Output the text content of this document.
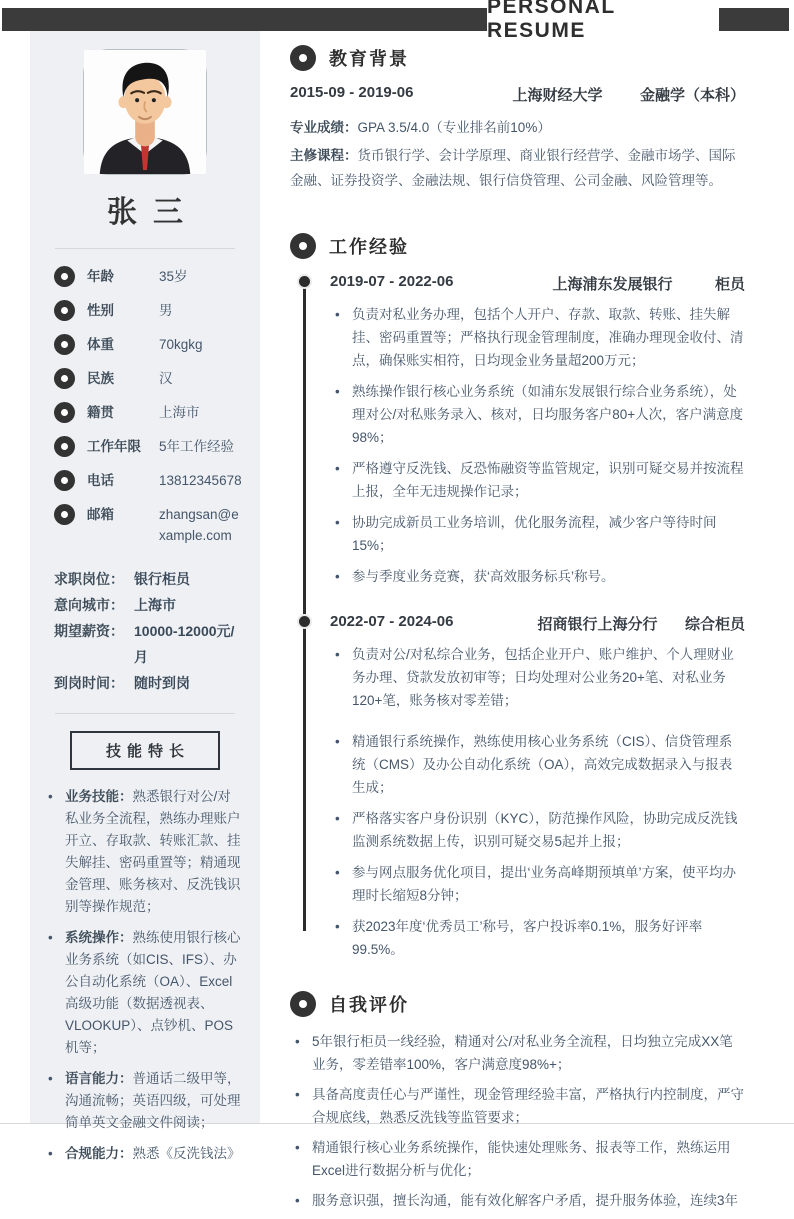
PERSONAL RESUME
张三
年龄	35岁
性别	男
体重	70kgkg
民族	汉
籍贯	上海市
工作年限	5年工作经验
电话	13812345678
邮箱	zhangsan@example.com
求职岗位： 银行柜员
意向城市： 上海市
期望薪资： 10000-12000元/月
到岗时间： 随时到岗
技能特长
• 业务技能：熟悉银行对公/对私业务全流程，熟练办理账户开立、存取款、转账汇款、挂失解挂、密码重置等；精通现金管理、账务核对、反洗钱识别等操作规范；
• 系统操作：熟练使用银行核心业务系统（如CIS、IFS）、办公自动化系统（OA）、Excel高级功能（数据透视表、VLOOKUP）、点钞机、POS机等；
• 语言能力：普通话二级甲等，沟通流畅；英语四级，可处理简单英文金融文件阅读；
• 合规能力：熟悉《反洗钱法》
教育背景
2015-09 - 2019-06	上海财经大学	金融学（本科）
专业成绩：GPA 3.5/4.0（专业排名前10%）
主修课程：货币银行学、会计学原理、商业银行经营学、金融市场学、国际金融、证券投资学、金融法规、银行信贷管理、公司金融、风险管理等。
工作经验
2019-07 - 2022-06	上海浦东发展银行	柜员
• 负责对私业务办理，包括个人开户、存款、取款、转账、挂失解挂、密码重置等；严格执行现金管理制度，准确办理现金收付、清点，确保账实相符，日均现金业务量超200万元；
• 熟练操作银行核心业务系统（如浦东发展银行综合业务系统），处理对公/对私账务录入、核对，日均服务客户80+人次，客户满意度98%；
• 严格遵守反洗钱、反恐怖融资等监管规定，识别可疑交易并按流程上报，全年无违规操作记录；
• 协助完成新员工业务培训，优化服务流程，减少客户等待时间15%；
• 参与季度业务竞赛，获‘高效服务标兵’称号。
2022-07 - 2024-06	招商银行上海分行	综合柜员
• 负责对公/对私综合业务，包括企业开户、账户维护、个人理财业务办理、贷款发放初审等；日均处理对公业务20+笔、对私业务120+笔，账务核对零差错；
• 精通银行系统操作，熟练使用核心业务系统（CIS）、信贷管理系统（CMS）及办公自动化系统（OA），高效完成数据录入与报表生成；
• 严格落实客户身份识别（KYC），防范操作风险，协助完成反洗钱监测系统数据上传，识别可疑交易5起并上报；
• 参与网点服务优化项目，提出‘业务高峰期预填单’方案，使平均办理时长缩短8分钟；
• 获2023年度‘优秀员工’称号，客户投诉率0.1%，服务好评率99.5%。
自我评价
• 5年银行柜员一线经验，精通对公/对私业务全流程，日均独立完成XX笔业务，零差错率100%，客户满意度98%+；
• 具备高度责任心与严谨性，现金管理经验丰富，严格执行内控制度，严守合规底线，熟悉反洗钱等监管要求；
• 精通银行核心业务系统操作，能快速处理账务、报表等工作，熟练运用Excel进行数据分析与优化；
• 服务意识强，擅长沟通，能有效化解客户矛盾，提升服务体验，连续3年
